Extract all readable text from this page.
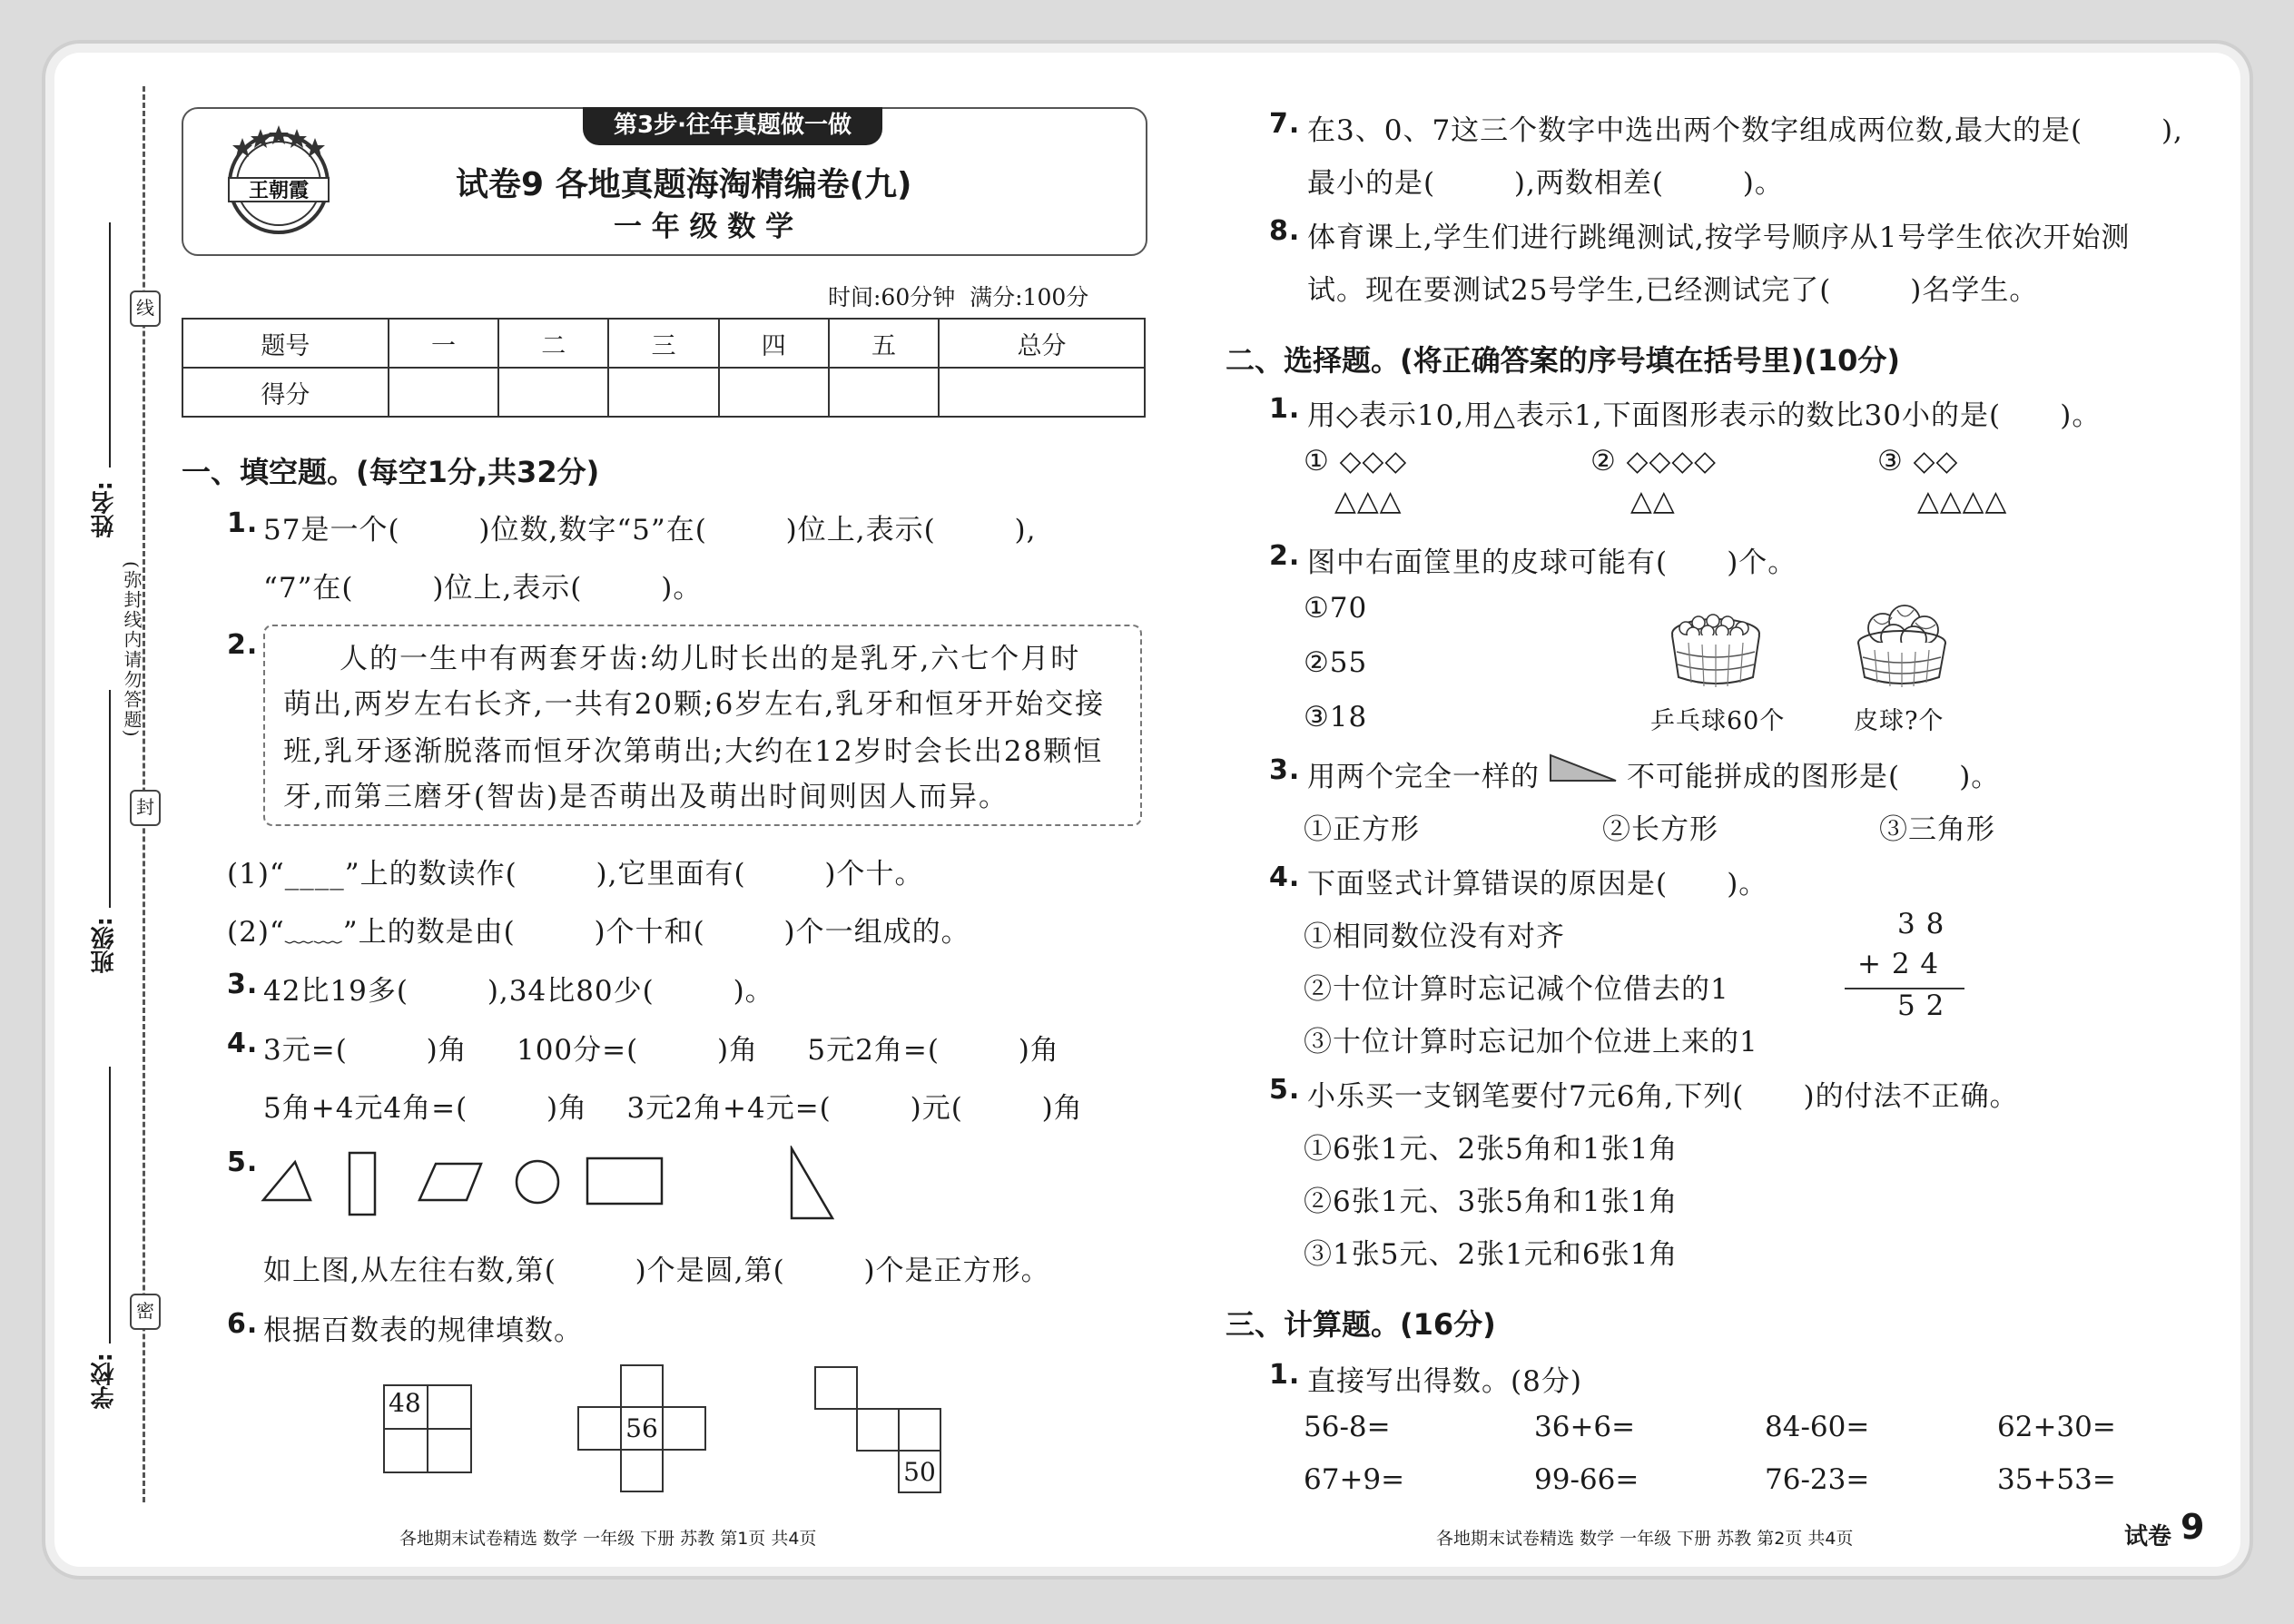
线
封
密
(弥封线内请勿答题)
姓名:
班级:
学校:
第3步·往年真题做一做
王朝霞	试卷9 各地真题海淘精编卷(九)
一 年 级 数 学
时间:60分钟  满分:100分
题号	一	二	三	四	五	总分
得分						
一、填空题。(每空1分,共32分)
1. 57是一个(        )位数,数字“5”在(        )位上,表示(        ),
“7”在(        )位上,表示(        )。
2.	人的一生中有两套牙齿:幼儿时长出的是乳牙,六七个月时
萌出,两岁左右长齐,一共有20颗;6岁左右,乳牙和恒牙开始交接
班,乳牙逐渐脱落而恒牙次第萌出;大约在12岁时会长出28颗恒
牙,而第三磨牙(智齿)是否萌出及萌出时间则因人而异。
(1)“____”上的数读作(        ),它里面有(        )个十。
(2)“﹏﹏”上的数是由(        )个十和(        )个一组成的。
3. 42比19多(        ),34比80少(        )。
4. 3元=(        )角     100分=(        )角     5元2角=(        )角
5角+4元4角=(        )角    3元2角+4元=(        )元(        )角
5.
如上图,从左往右数,第(        )个是圆,第(        )个是正方形。
6. 根据百数表的规律填数。
48
56
50
各地期末试卷精选 数学 一年级 下册 苏教 第1页 共4页
7. 在3、0、7这三个数字中选出两个数字组成两位数,最大的是(        ),
最小的是(        ),两数相差(        )。
8. 体育课上,学生们进行跳绳测试,按学号顺序从1号学生依次开始测
试。现在要测试25号学生,已经测试完了(        )名学生。
二、选择题。(将正确答案的序号填在括号里)(10分)
1. 用◇表示10,用△表示1,下面图形表示的数比30小的是(      )。
① ◇◇◇	② ◇◇◇◇	③ ◇◇
△△△	△△	△△△△
2. 图中右面筐里的皮球可能有(      )个。
①70
②55
③18	乒乓球60个	皮球?个
3. 用两个完全一样的	不可能拼成的图形是(      )。
①正方形	②长方形	③三角形
4. 下面竖式计算错误的原因是(      )。
①相同数位没有对齐
②十位计算时忘记减个位借去的1
③十位计算时忘记加个位进上来的1
3 8
+ 2 4
5 2
5. 小乐买一支钢笔要付7元6角,下列(      )的付法不正确。
①6张1元、2张5角和1张1角
②6张1元、3张5角和1张1角
③1张5元、2张1元和6张1角
三、计算题。(16分)
1. 直接写出得数。(8分)
56-8=	36+6=	84-60=	62+30=
67+9=	99-66=	76-23=	35+53=
各地期末试卷精选 数学 一年级 下册 苏教 第2页 共4页	试卷 9
